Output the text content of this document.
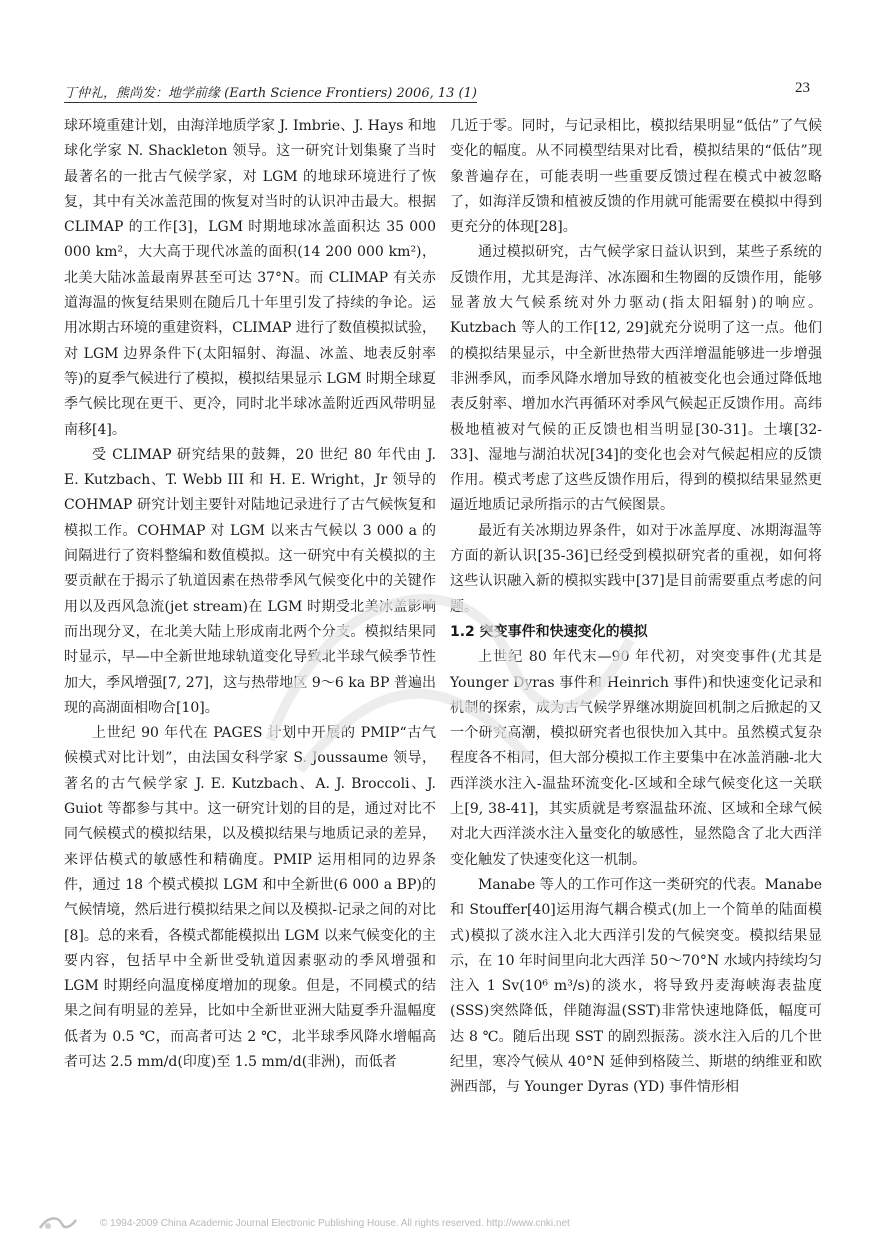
丁仲礼，熊尚发：地学前缘 (Earth Science Frontiers) 2006, 13 (1)	23

球环境重建计划，由海洋地质学家 J. Imbrie、J. Hays 和地球化学家 N. Shackleton 领导。这一研究计划集聚了当时最著名的一批古气候学家，对 LGM 的地球环境进行了恢复，其中有关冰盖范围的恢复对当时的认识冲击最大。根据 CLIMAP 的工作[3]，LGM 时期地球冰盖面积达 35 000 000 km²，大大高于现代冰盖的面积(14 200 000 km²)，北美大陆冰盖最南界甚至可达 37°N。而 CLIMAP 有关赤道海温的恢复结果则在随后几十年里引发了持续的争论。运用冰期古环境的重建资料，CLIMAP 进行了数值模拟试验，对 LGM 边界条件下(太阳辐射、海温、冰盖、地表反射率等)的夏季气候进行了模拟，模拟结果显示 LGM 时期全球夏季气候比现在更干、更冷，同时北半球冰盖附近西风带明显南移[4]。

受 CLIMAP 研究结果的鼓舞，20 世纪 80 年代由 J. E. Kutzbach、T. Webb III 和 H. E. Wright，Jr 领导的 COHMAP 研究计划主要针对陆地记录进行了古气候恢复和模拟工作。COHMAP 对 LGM 以来古气候以 3 000 a 的间隔进行了资料整编和数值模拟。这一研究中有关模拟的主要贡献在于揭示了轨道因素在热带季风气候变化中的关键作用以及西风急流(jet stream)在 LGM 时期受北美冰盖影响而出现分叉，在北美大陆上形成南北两个分支。模拟结果同时显示，早—中全新世地球轨道变化导致北半球气候季节性加大，季风增强[7, 27]，这与热带地区 9～6 ka BP 普遍出现的高湖面相吻合[10]。

上世纪 90 年代在 PAGES 计划中开展的 PMIP“古气候模式对比计划”，由法国女科学家 S. Joussaume 领导，著名的古气候学家 J. E. Kutzbach、A. J. Broccoli、J. Guiot 等都参与其中。这一研究计划的目的是，通过对比不同气候模式的模拟结果，以及模拟结果与地质记录的差异，来评估模式的敏感性和精确度。PMIP 运用相同的边界条件，通过 18 个模式模拟 LGM 和中全新世(6 000 a BP)的气候情境，然后进行模拟结果之间以及模拟-记录之间的对比[8]。总的来看，各模式都能模拟出 LGM 以来气候变化的主要内容，包括早中全新世受轨道因素驱动的季风增强和 LGM 时期经向温度梯度增加的现象。但是，不同模式的结果之间有明显的差异，比如中全新世亚洲大陆夏季升温幅度低者为 0.5 ℃，而高者可达 2 ℃，北半球季风降水增幅高者可达 2.5 mm/d(印度)至 1.5 mm/d(非洲)，而低者

几近于零。同时，与记录相比，模拟结果明显“低估”了气候变化的幅度。从不同模型结果对比看，模拟结果的“低估”现象普遍存在，可能表明一些重要反馈过程在模式中被忽略了，如海洋反馈和植被反馈的作用就可能需要在模拟中得到更充分的体现[28]。

通过模拟研究，古气候学家日益认识到，某些子系统的反馈作用，尤其是海洋、冰冻圈和生物圈的反馈作用，能够显著放大气候系统对外力驱动(指太阳辐射)的响应。Kutzbach 等人的工作[12, 29]就充分说明了这一点。他们的模拟结果显示，中全新世热带大西洋增温能够进一步增强非洲季风，而季风降水增加导致的植被变化也会通过降低地表反射率、增加水汽再循环对季风气候起正反馈作用。高纬极地植被对气候的正反馈也相当明显[30-31]。土壤[32-33]、湿地与湖泊状况[34]的变化也会对气候起相应的反馈作用。模式考虑了这些反馈作用后，得到的模拟结果显然更逼近地质记录所指示的古气候图景。

最近有关冰期边界条件，如对于冰盖厚度、冰期海温等方面的新认识[35-36]已经受到模拟研究者的重视，如何将这些认识融入新的模拟实践中[37]是目前需要重点考虑的问题。

1.2 突变事件和快速变化的模拟

上世纪 80 年代末—90 年代初，对突变事件(尤其是 Younger Dyras 事件和 Heinrich 事件)和快速变化记录和机制的探索，成为古气候学界继冰期旋回机制之后掀起的又一个研究高潮，模拟研究者也很快加入其中。虽然模式复杂程度各不相同，但大部分模拟工作主要集中在冰盖消融-北大西洋淡水注入-温盐环流变化-区域和全球气候变化这一关联上[9, 38-41]，其实质就是考察温盐环流、区域和全球气候对北大西洋淡水注入量变化的敏感性，显然隐含了北大西洋变化触发了快速变化这一机制。

Manabe 等人的工作可作这一类研究的代表。Manabe 和 Stouffer[40]运用海气耦合模式(加上一个简单的陆面模式)模拟了淡水注入北大西洋引发的气候突变。模拟结果显示，在 10 年时间里向北大西洋 50～70°N 水域内持续均匀注入 1 Sv(10⁶ m³/s)的淡水，将导致丹麦海峡海表盐度(SSS)突然降低，伴随海温(SST)非常快速地降低，幅度可达 8 ℃。随后出现 SST 的剧烈振荡。淡水注入后的几个世纪里，寒冷气候从 40°N 延伸到格陵兰、斯堪的纳维亚和欧洲西部，与 Younger Dyras (YD) 事件情形相

© 1994-2009 China Academic Journal Electronic Publishing House. All rights reserved. http://www.cnki.net
